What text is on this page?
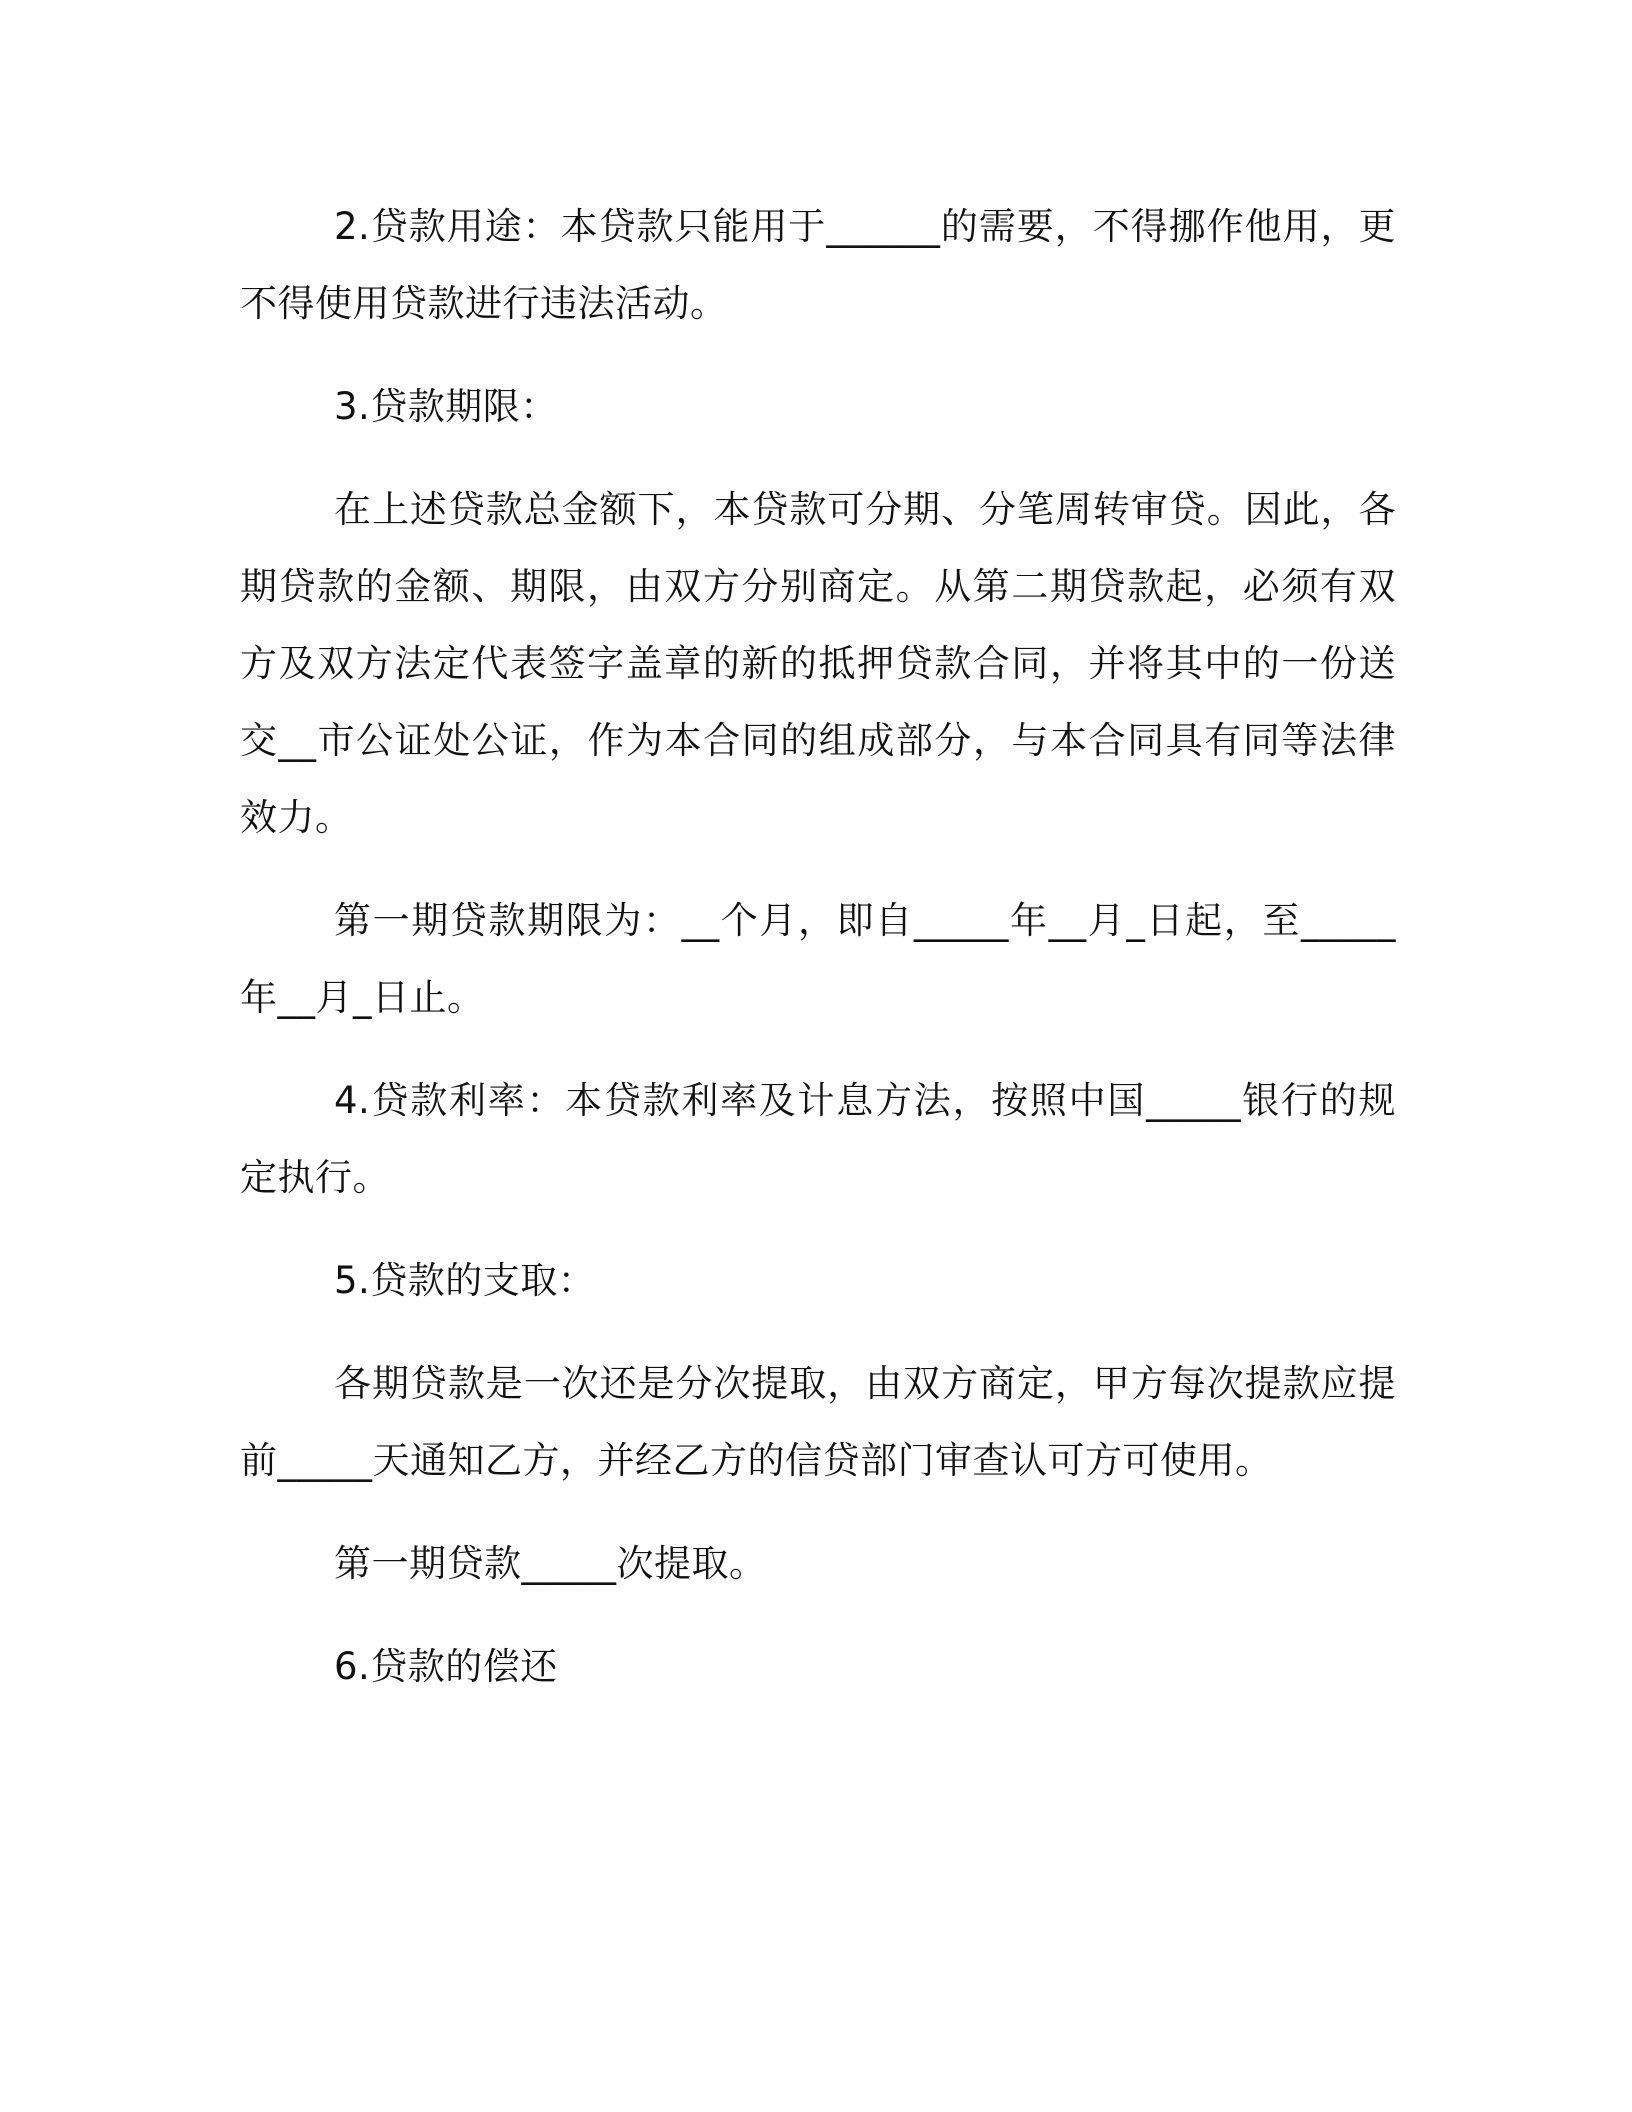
2.贷款用途：本贷款只能用于______的需要，不得挪作他用，更不得使用贷款进行违法活动。

3.贷款期限：

在上述贷款总金额下，本贷款可分期、分笔周转审贷。因此，各期贷款的金额、期限，由双方分别商定。从第二期贷款起，必须有双方及双方法定代表签字盖章的新的抵押贷款合同，并将其中的一份送交__市公证处公证，作为本合同的组成部分，与本合同具有同等法律效力。

第一期贷款期限为：__个月，即自_____年__月_日起，至_____年__月_日止。

4.贷款利率：本贷款利率及计息方法，按照中国_____银行的规定执行。

5.贷款的支取：

各期贷款是一次还是分次提取，由双方商定，甲方每次提款应提前_____天通知乙方，并经乙方的信贷部门审查认可方可使用。

第一期贷款_____次提取。

6.贷款的偿还
